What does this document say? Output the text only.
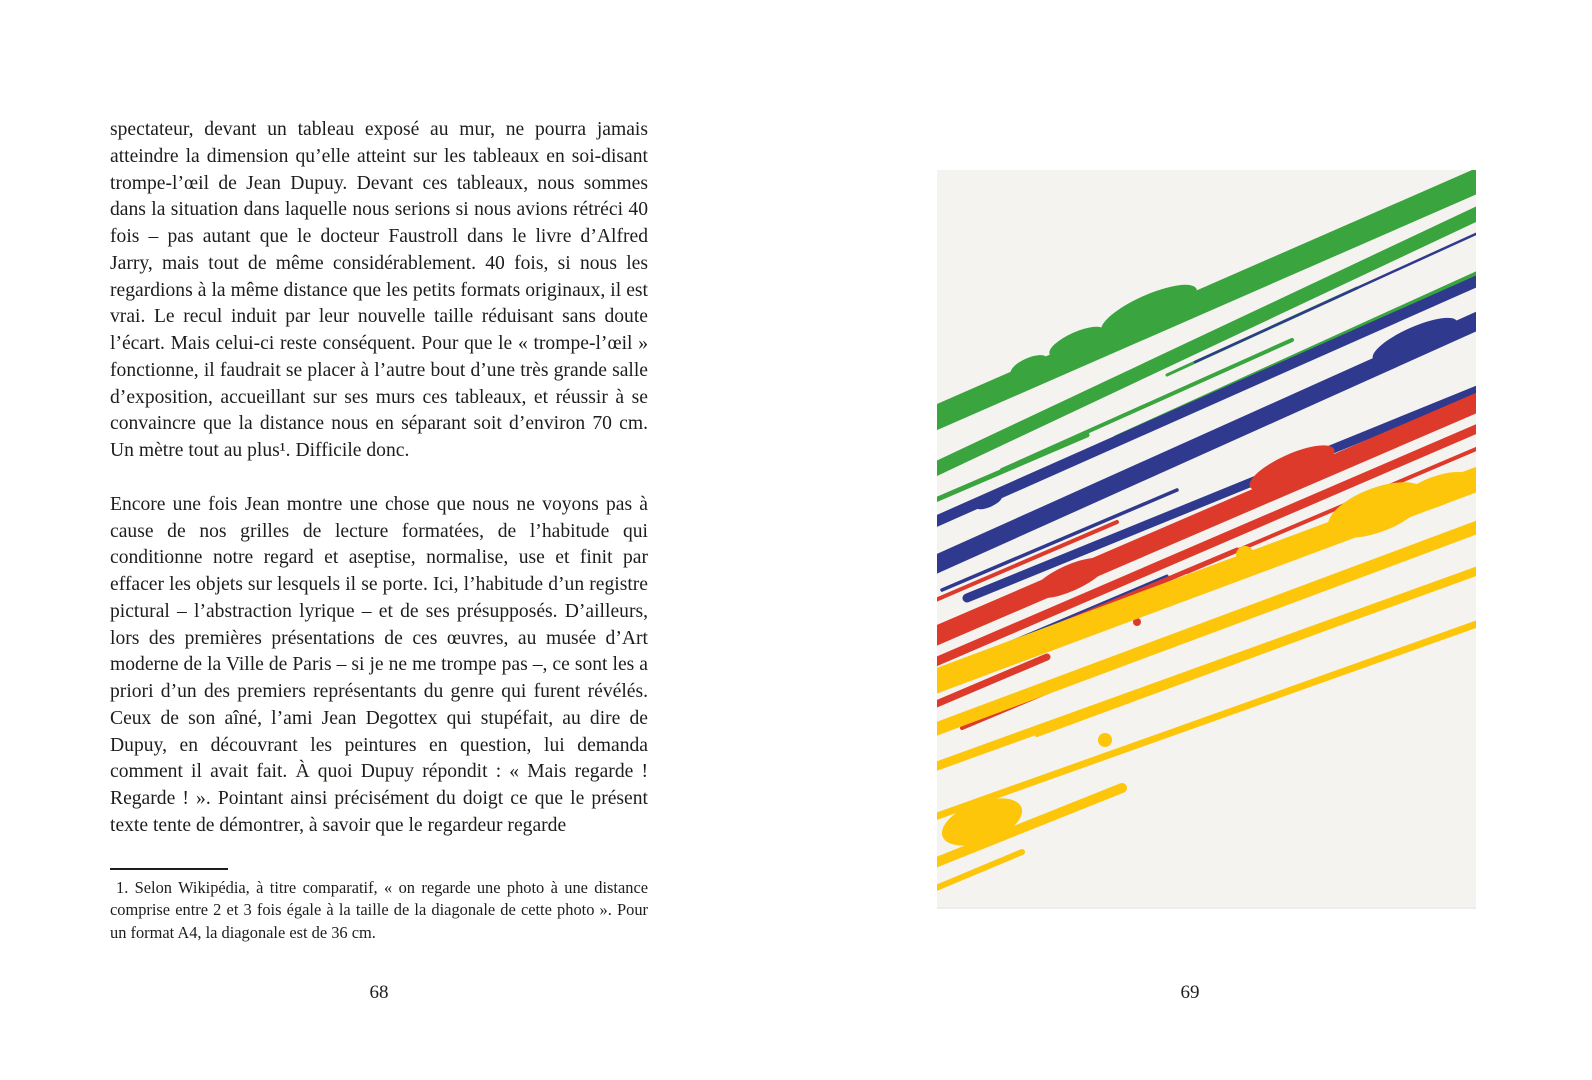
spectateur, devant un tableau exposé au mur, ne pourra jamais atteindre la dimension qu’elle atteint sur les tableaux en soi-disant trompe-l’œil de Jean Dupuy. Devant ces tableaux, nous sommes dans la situation dans laquelle nous serions si nous avions rétréci 40 fois – pas autant que le docteur Faustroll dans le livre d’Alfred Jarry, mais tout de même considérablement. 40 fois, si nous les regardions à la même distance que les petits formats originaux, il est vrai. Le recul induit par leur nouvelle taille réduisant sans doute l’écart. Mais celui-ci reste conséquent. Pour que le « trompe-l’œil » fonctionne, il faudrait se placer à l’autre bout d’une très grande salle d’exposition, accueillant sur ses murs ces tableaux, et réussir à se convaincre que la distance nous en séparant soit d’environ 70 cm. Un mètre tout au plus¹. Difficile donc.

Encore une fois Jean montre une chose que nous ne voyons pas à cause de nos grilles de lecture formatées, de l’habitude qui conditionne notre regard et aseptise, normalise, use et finit par effacer les objets sur lesquels il se porte. Ici, l’habitude d’un registre pictural – l’abstraction lyrique – et de ses présupposés. D’ailleurs, lors des premières présentations de ces œuvres, au musée d’Art moderne de la Ville de Paris – si je ne me trompe pas –, ce sont les a priori d’un des premiers représentants du genre qui furent révélés. Ceux de son aîné, l’ami Jean Degottex qui stupéfait, au dire de Dupuy, en découvrant les peintures en question, lui demanda comment il avait fait. À quoi Dupuy répondit : « Mais regarde ! Regarde ! ». Pointant ainsi précisément du doigt ce que le présent texte tente de démontrer, à savoir que le regardeur regarde

1. Selon Wikipédia, à titre comparatif, « on regarde une photo à une distance comprise entre 2 et 3 fois égale à la taille de la diagonale de cette photo ». Pour un format A4, la diagonale est de 36 cm.
68	69
